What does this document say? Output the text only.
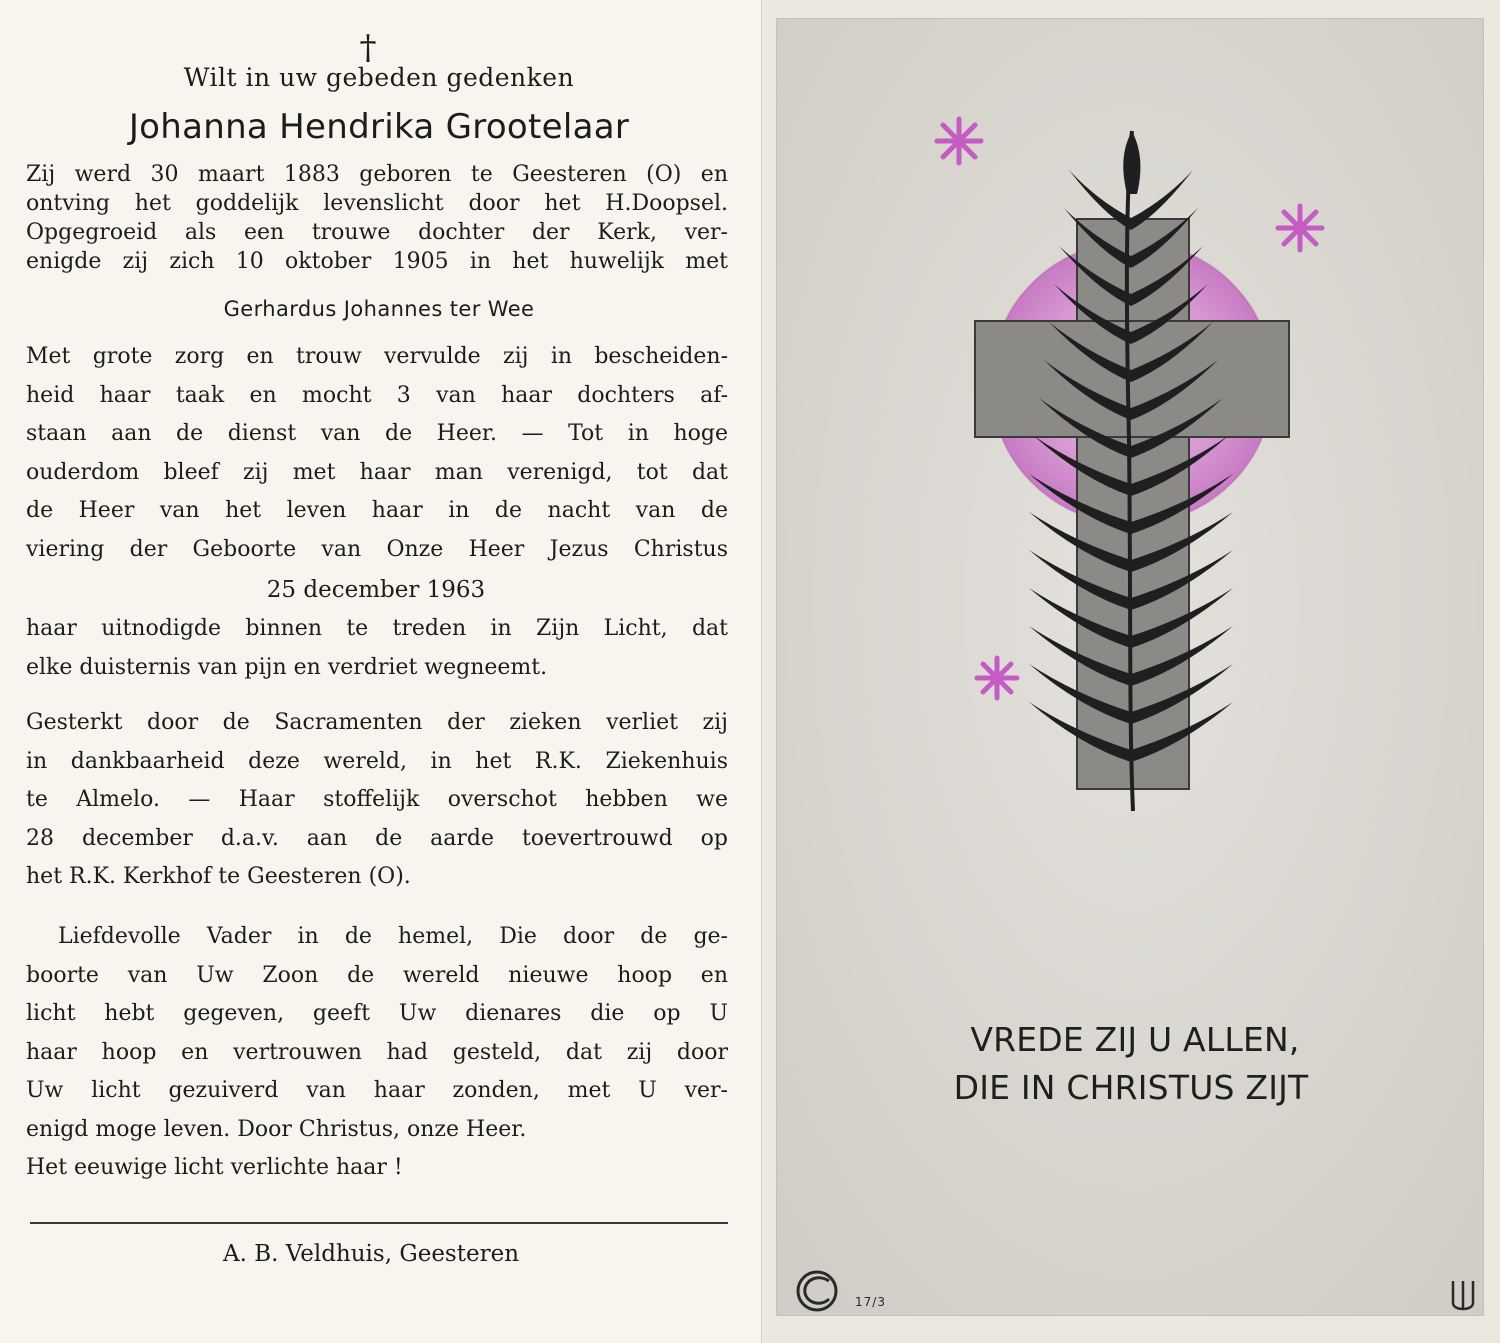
†
Wilt in uw gebeden gedenken
Johanna Hendrika Grootelaar
Zij werd 30 maart 1883 geboren te Geesteren (O) en
ontving het goddelijk levenslicht door het H.Doopsel.
Opgegroeid als een trouwe dochter der Kerk, ver-
enigde zij zich 10 oktober 1905 in het huwelijk met
Gerhardus Johannes ter Wee
Met grote zorg en trouw vervulde zij in bescheiden-
heid haar taak en mocht 3 van haar dochters af-
staan aan de dienst van de Heer. — Tot in hoge
ouderdom bleef zij met haar man verenigd, tot dat
de Heer van het leven haar in de nacht van de
viering der Geboorte van Onze Heer Jezus Christus
25 december 1963
haar uitnodigde binnen te treden in Zijn Licht, dat
elke duisternis van pijn en verdriet wegneemt.
Gesterkt door de Sacramenten der zieken verliet zij
in dankbaarheid deze wereld, in het R.K. Ziekenhuis
te Almelo. — Haar stoffelijk overschot hebben we
28 december d.a.v. aan de aarde toevertrouwd op
het R.K. Kerkhof te Geesteren (O).
Liefdevolle Vader in de hemel, Die door de ge-
boorte van Uw Zoon de wereld nieuwe hoop en
licht hebt gegeven, geeft Uw dienares die op U
haar hoop en vertrouwen had gesteld, dat zij door
Uw licht gezuiverd van haar zonden, met U ver-
enigd moge leven. Door Christus, onze Heer.
Het eeuwige licht verlichte haar !
A. B. Veldhuis, Geesteren
VREDE ZIJ U ALLEN,
DIE IN CHRISTUS ZIJT
17/3
